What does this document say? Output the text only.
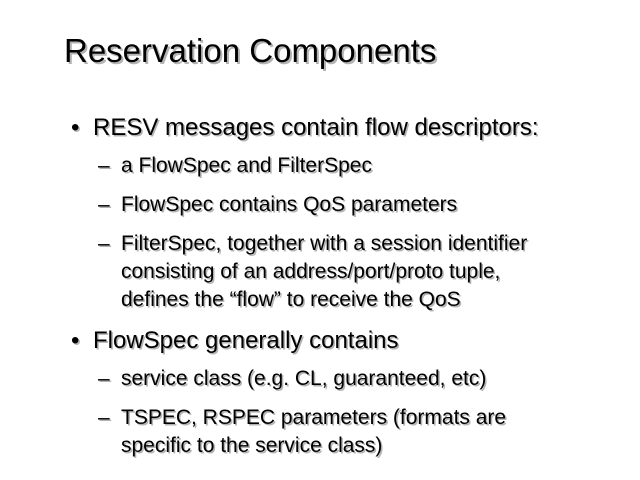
Reservation Components
• RESV messages contain flow descriptors:
– a FlowSpec and FilterSpec
– FlowSpec contains QoS parameters
– FilterSpec, together with a session identifier consisting of an address/port/proto tuple, defines the “flow” to receive the QoS
• FlowSpec generally contains
– service class (e.g. CL, guaranteed, etc)
– TSPEC, RSPEC parameters (formats are specific to the service class)
